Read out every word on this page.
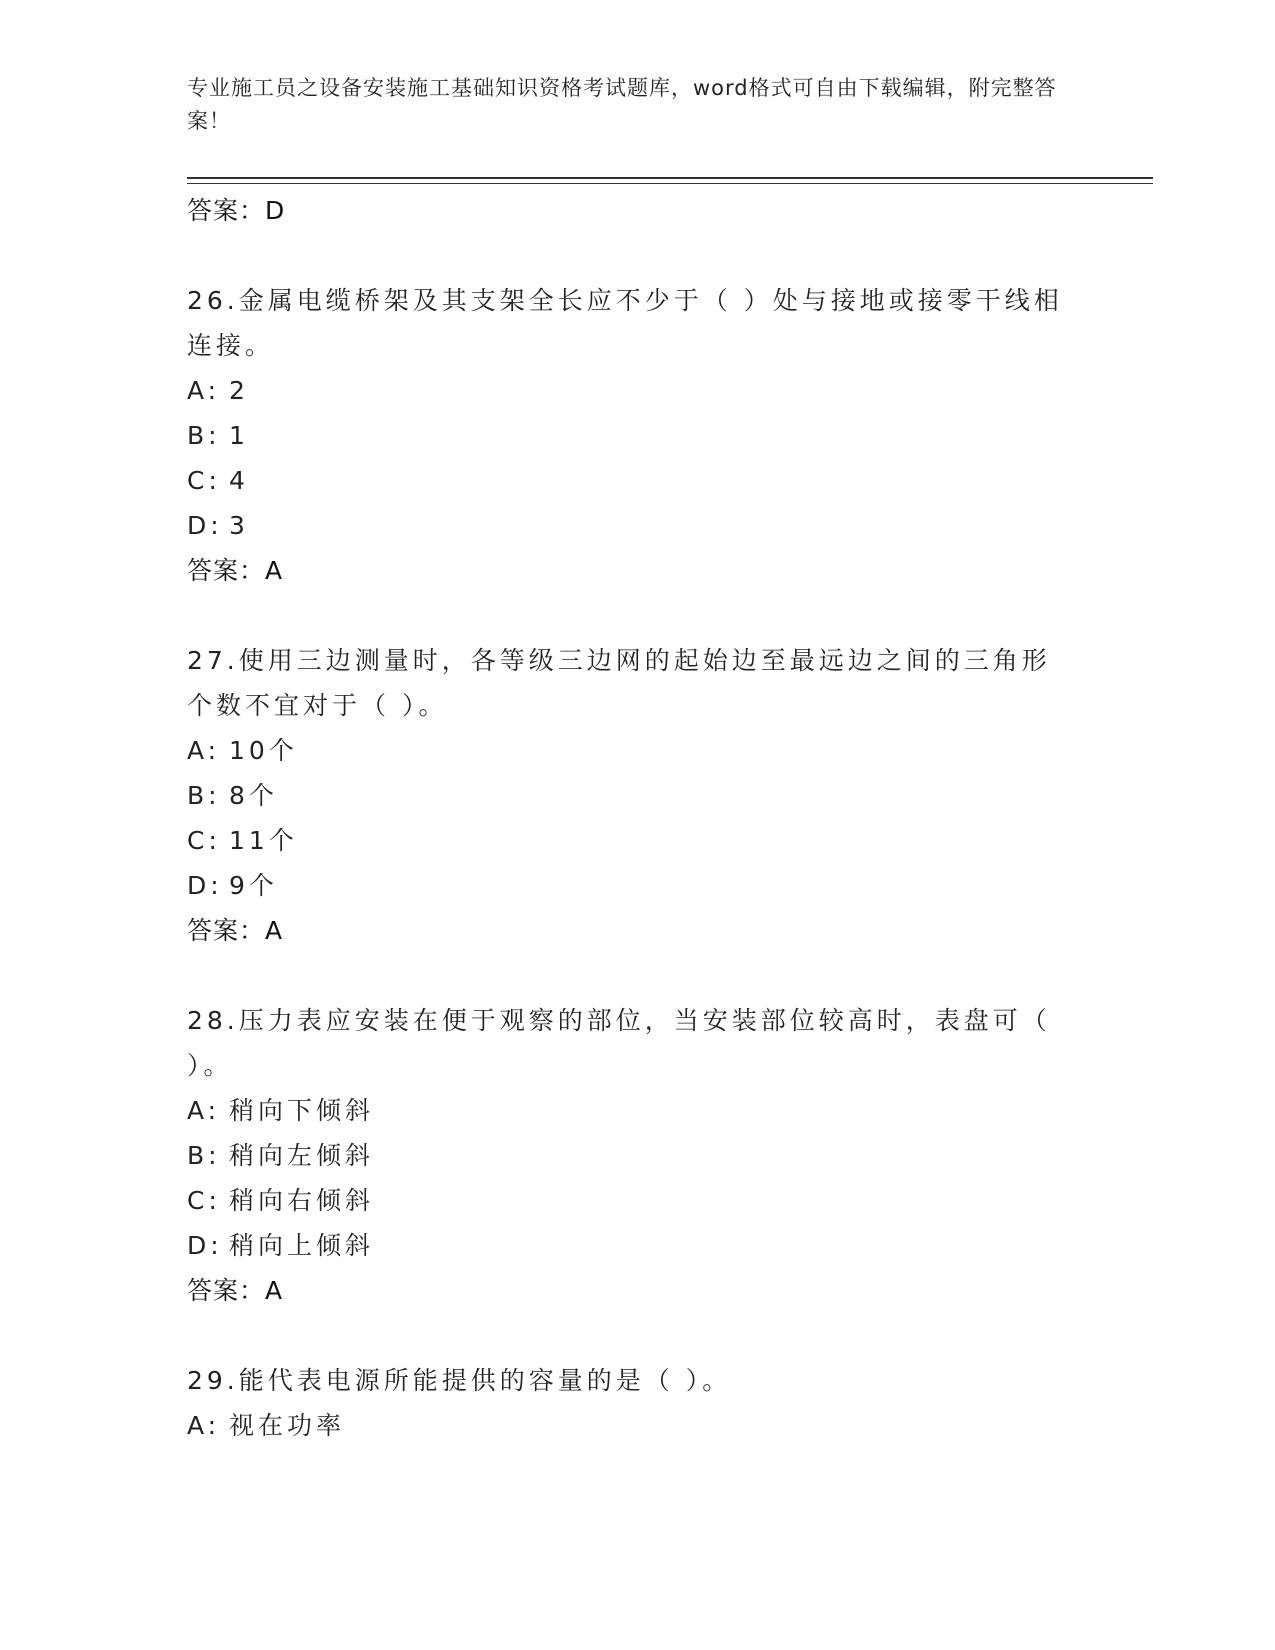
专业施工员之设备安装施工基础知识资格考试题库，word格式可自由下载编辑，附完整答案！
答案：D
26.金属电缆桥架及其支架全长应不少于（ ）处与接地或接零干线相连接。
A: 2
B: 1
C: 4
D: 3
答案：A
27.使用三边测量时，各等级三边网的起始边至最远边之间的三角形个数不宜对于（ ）。
A: 10个
B: 8个
C: 11个
D: 9个
答案：A
28.压力表应安装在便于观察的部位，当安装部位较高时，表盘可（ ）。
A: 稍向下倾斜
B: 稍向左倾斜
C: 稍向右倾斜
D: 稍向上倾斜
答案：A
29.能代表电源所能提供的容量的是（ ）。
A: 视在功率
